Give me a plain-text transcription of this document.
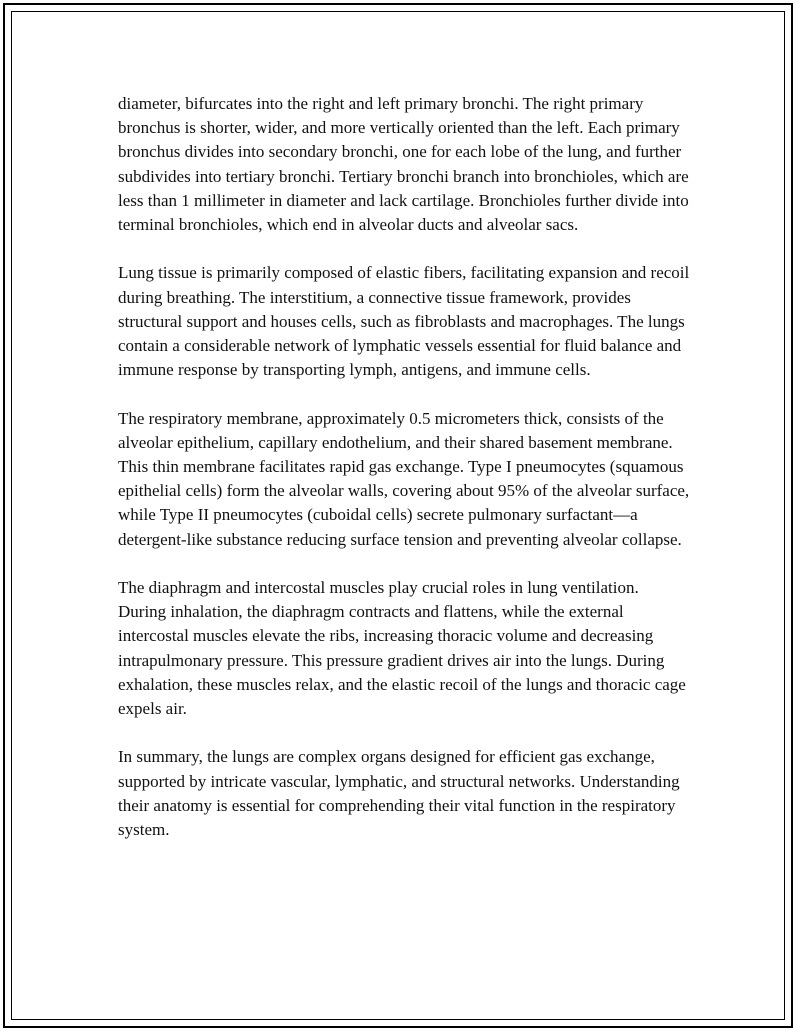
diameter, bifurcates into the right and left primary bronchi. The right primary bronchus is shorter, wider, and more vertically oriented than the left. Each primary bronchus divides into secondary bronchi, one for each lobe of the lung, and further subdivides into tertiary bronchi. Tertiary bronchi branch into bronchioles, which are less than 1 millimeter in diameter and lack cartilage. Bronchioles further divide into terminal bronchioles, which end in alveolar ducts and alveolar sacs.

Lung tissue is primarily composed of elastic fibers, facilitating expansion and recoil during breathing. The interstitium, a connective tissue framework, provides structural support and houses cells, such as fibroblasts and macrophages. The lungs contain a considerable network of lymphatic vessels essential for fluid balance and immune response by transporting lymph, antigens, and immune cells.

The respiratory membrane, approximately 0.5 micrometers thick, consists of the alveolar epithelium, capillary endothelium, and their shared basement membrane. This thin membrane facilitates rapid gas exchange. Type I pneumocytes (squamous epithelial cells) form the alveolar walls, covering about 95% of the alveolar surface, while Type II pneumocytes (cuboidal cells) secrete pulmonary surfactant—a detergent-like substance reducing surface tension and preventing alveolar collapse.

The diaphragm and intercostal muscles play crucial roles in lung ventilation. During inhalation, the diaphragm contracts and flattens, while the external intercostal muscles elevate the ribs, increasing thoracic volume and decreasing intrapulmonary pressure. This pressure gradient drives air into the lungs. During exhalation, these muscles relax, and the elastic recoil of the lungs and thoracic cage expels air.

In summary, the lungs are complex organs designed for efficient gas exchange, supported by intricate vascular, lymphatic, and structural networks. Understanding their anatomy is essential for comprehending their vital function in the respiratory system.
